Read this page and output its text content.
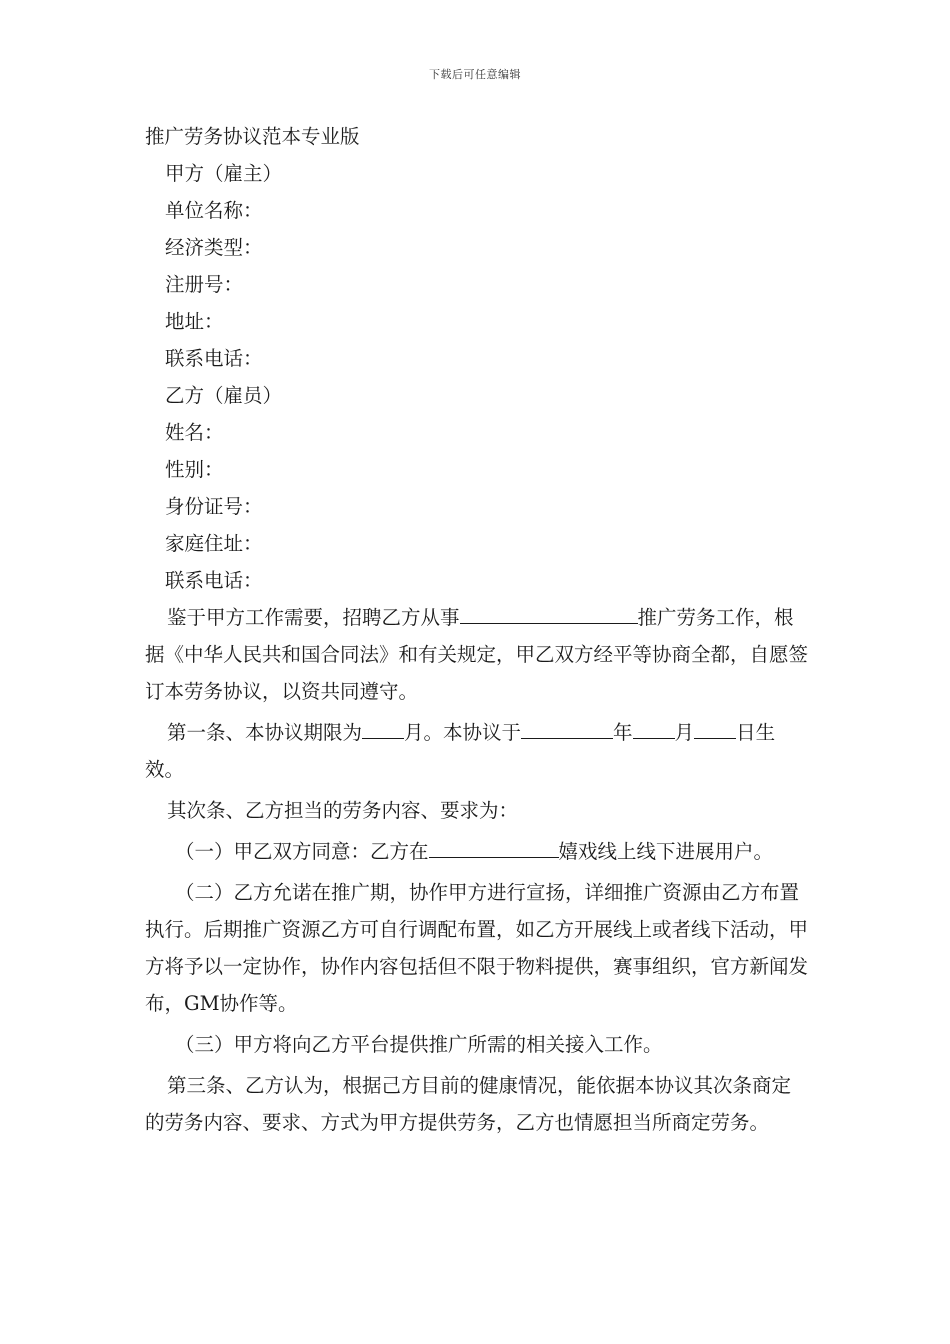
下载后可任意编辑
推广劳务协议范本专业版
甲方（雇主）
单位名称：
经济类型：
注册号：
地址：
联系电话：
乙方（雇员）
姓名：
性别：
身份证号：
家庭住址：
联系电话：

鉴于甲方工作需要，招聘乙方从事	推广劳务工作，根据《中华人民共和国合同法》和有关规定，甲乙双方经平等协商全都，自愿签订本劳务协议，以资共同遵守。

第一条、本协议期限为 月。本协议于	年 月 日生效。

其次条、乙方担当的劳务内容、要求为：

（一）甲乙双方同意：乙方在	嬉戏线上线下进展用户。

（二）乙方允诺在推广期，协作甲方进行宣扬，详细推广资源由乙方布置执行。后期推广资源乙方可自行调配布置，如乙方开展线上或者线下活动，甲方将予以一定协作，协作内容包括但不限于物料提供，赛事组织，官方新闻发布，GM协作等。

（三）甲方将向乙方平台提供推广所需的相关接入工作。

第三条、乙方认为，根据己方目前的健康情况，能依据本协议其次条商定的劳务内容、要求、方式为甲方提供劳务，乙方也情愿担当所商定劳务。
